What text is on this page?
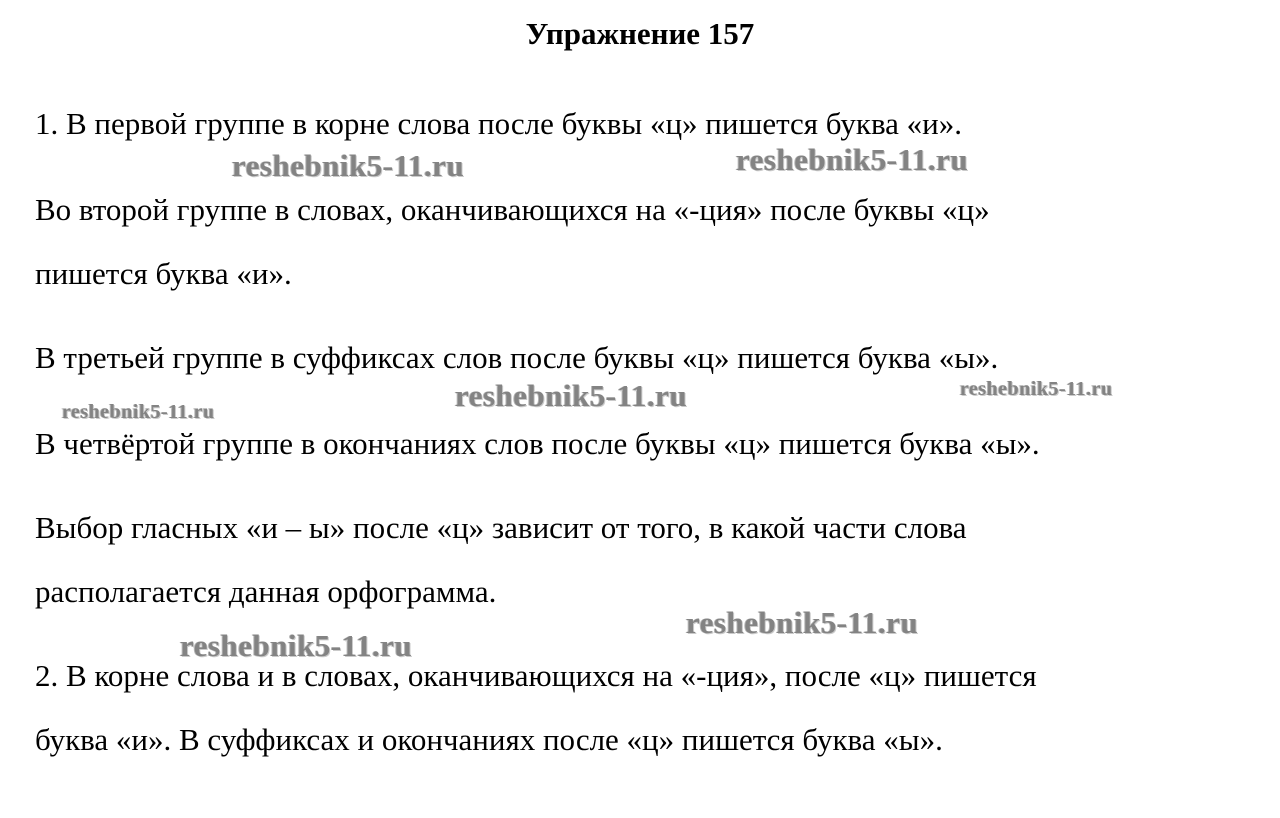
Упражнение 157
1. В первой группе в корне слова после буквы «ц» пишется буква «и».
Во второй группе в словах, оканчивающихся на «-ция» после буквы «ц»
пишется буква «и».
В третьей группе в суффиксах слов после буквы «ц» пишется буква «ы».
В четвёртой группе в окончаниях слов после буквы «ц» пишется буква «ы».
Выбор гласных «и – ы» после «ц» зависит от того, в какой части слова
располагается данная орфограмма.
2. В корне слова и в словах, оканчивающихся на «-ция», после «ц» пишется
буква «и». В суффиксах и окончаниях после «ц» пишется буква «ы».
reshebnik5-11.ru	reshebnik5-11.ru
reshebnik5-11.ru	reshebnik5-11.ru
reshebnik5-11.ru
reshebnik5-11.ru
reshebnik5-11.ru
